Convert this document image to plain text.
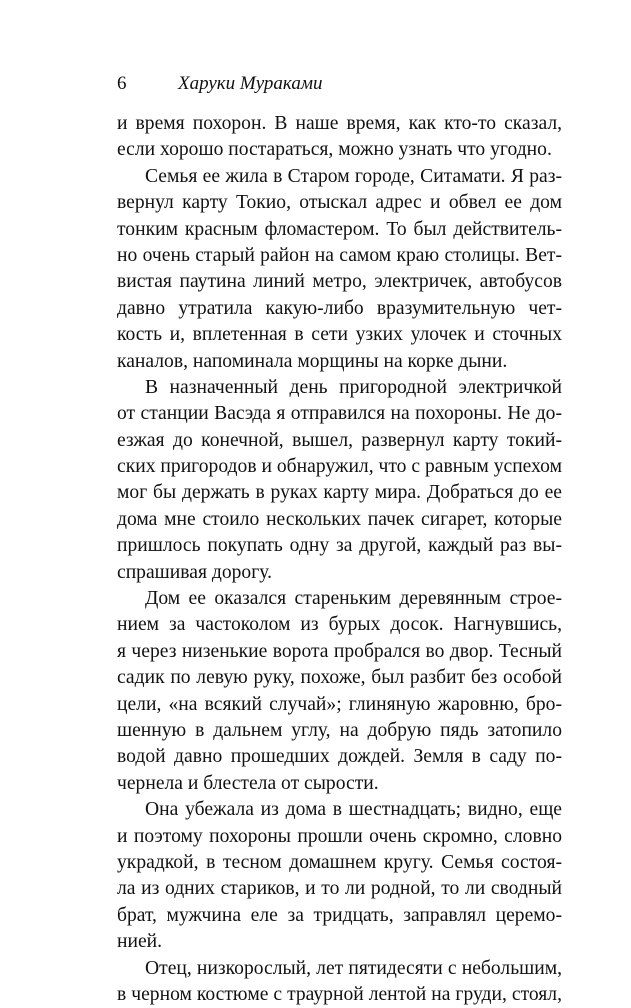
6	Харуки Мураками
и время похорон. В наше время, как кто-то сказал,
если хорошо постараться, можно узнать что угодно.
Семья ее жила в Старом городе, Ситамати. Я раз-
вернул карту Токио, отыскал адрес и обвел ее дом
тонким красным фломастером. То был действитель-
но очень старый район на самом краю столицы. Вет-
вистая паутина линий метро, электричек, автобусов
давно утратила какую-либо вразумительную чет-
кость и, вплетенная в сети узких улочек и сточных
каналов, напоминала морщины на корке дыни.
В назначенный день пригородной электричкой
от станции Васэда я отправился на похороны. Не до-
езжая до конечной, вышел, развернул карту токий-
ских пригородов и обнаружил, что с равным успехом
мог бы держать в руках карту мира. Добраться до ее
дома мне стоило нескольких пачек сигарет, которые
пришлось покупать одну за другой, каждый раз вы-
спрашивая дорогу.
Дом ее оказался стареньким деревянным строе-
нием за частоколом из бурых досок. Нагнувшись,
я через низенькие ворота пробрался во двор. Тесный
садик по левую руку, похоже, был разбит без особой
цели, «на всякий случай»; глиняную жаровню, бро-
шенную в дальнем углу, на добрую пядь затопило
водой давно прошедших дождей. Земля в саду по-
чернела и блестела от сырости.
Она убежала из дома в шестнадцать; видно, еще
и поэтому похороны прошли очень скромно, словно
украдкой, в тесном домашнем кругу. Семья состоя-
ла из одних стариков, и то ли родной, то ли сводный
брат, мужчина еле за тридцать, заправлял церемо-
нией.
Отец, низкорослый, лет пятидесяти с небольшим,
в черном костюме с траурной лентой на груди, стоял,
